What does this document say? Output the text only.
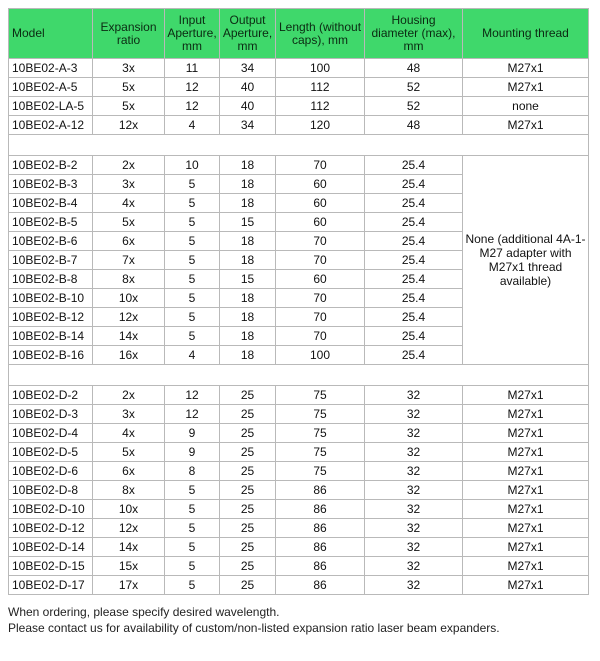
Model	Expansion ratio	Input Aperture, mm	Output Aperture, mm	Length (without caps), mm	Housing diameter (max), mm	Mounting thread
10BE02-A-3	3x	11	34	100	48	M27x1
10BE02-A-5	5x	12	40	112	52	M27x1
10BE02-LA-5	5x	12	40	112	52	none
10BE02-A-12	12x	4	34	120	48	M27x1

10BE02-B-2	2x	10	18	70	25.4	None (additional 4A-1-M27 adapter with M27x1 thread available)
10BE02-B-3	3x	5	18	60	25.4	
10BE02-B-4	4x	5	18	60	25.4	
10BE02-B-5	5x	5	15	60	25.4	
10BE02-B-6	6x	5	18	70	25.4	
10BE02-B-7	7x	5	18	70	25.4	
10BE02-B-8	8x	5	15	60	25.4	
10BE02-B-10	10x	5	18	70	25.4	
10BE02-B-12	12x	5	18	70	25.4	
10BE02-B-14	14x	5	18	70	25.4	
10BE02-B-16	16x	4	18	100	25.4	

10BE02-D-2	2x	12	25	75	32	M27x1
10BE02-D-3	3x	12	25	75	32	M27x1
10BE02-D-4	4x	9	25	75	32	M27x1
10BE02-D-5	5x	9	25	75	32	M27x1
10BE02-D-6	6x	8	25	75	32	M27x1
10BE02-D-8	8x	5	25	86	32	M27x1
10BE02-D-10	10x	5	25	86	32	M27x1
10BE02-D-12	12x	5	25	86	32	M27x1
10BE02-D-14	14x	5	25	86	32	M27x1
10BE02-D-15	15x	5	25	86	32	M27x1
10BE02-D-17	17x	5	25	86	32	M27x1
When ordering, please specify desired wavelength.
Please contact us for availability of custom/non-listed expansion ratio laser beam expanders.
